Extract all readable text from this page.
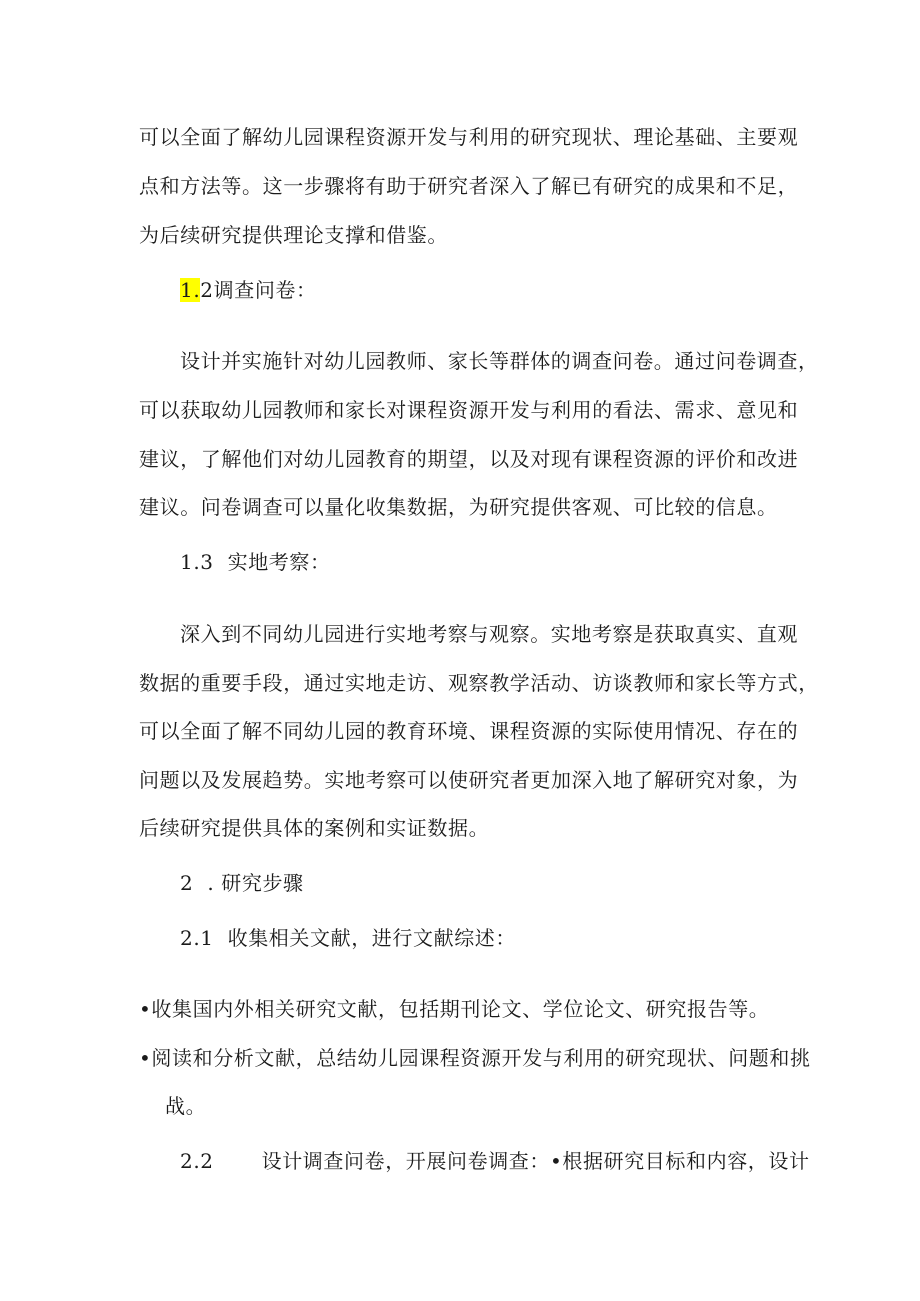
可以全面了解幼儿园课程资源开发与利用的研究现状、理论基础、主要观
点和方法等。这一步骤将有助于研究者深入了解已有研究的成果和不足，
为后续研究提供理论支撑和借鉴。
1.2调查问卷：
设计并实施针对幼儿园教师、家长等群体的调查问卷。通过问卷调查，
可以获取幼儿园教师和家长对课程资源开发与利用的看法、需求、意见和
建议，了解他们对幼儿园教育的期望，以及对现有课程资源的评价和改进
建议。问卷调查可以量化收集数据，为研究提供客观、可比较的信息。
1.3 实地考察：
深入到不同幼儿园进行实地考察与观察。实地考察是获取真实、直观
数据的重要手段，通过实地走访、观察教学活动、访谈教师和家长等方式，
可以全面了解不同幼儿园的教育环境、课程资源的实际使用情况、存在的
问题以及发展趋势。实地考察可以使研究者更加深入地了解研究对象，为
后续研究提供具体的案例和实证数据。
2 . 研究步骤
2.1 收集相关文献，进行文献综述：
•收集国内外相关研究文献，包括期刊论文、学位论文、研究报告等。
•阅读和分析文献，总结幼儿园课程资源开发与利用的研究现状、问题和挑
战。
2.2 设计调查问卷，开展问卷调查：•根据研究目标和内容，设计
